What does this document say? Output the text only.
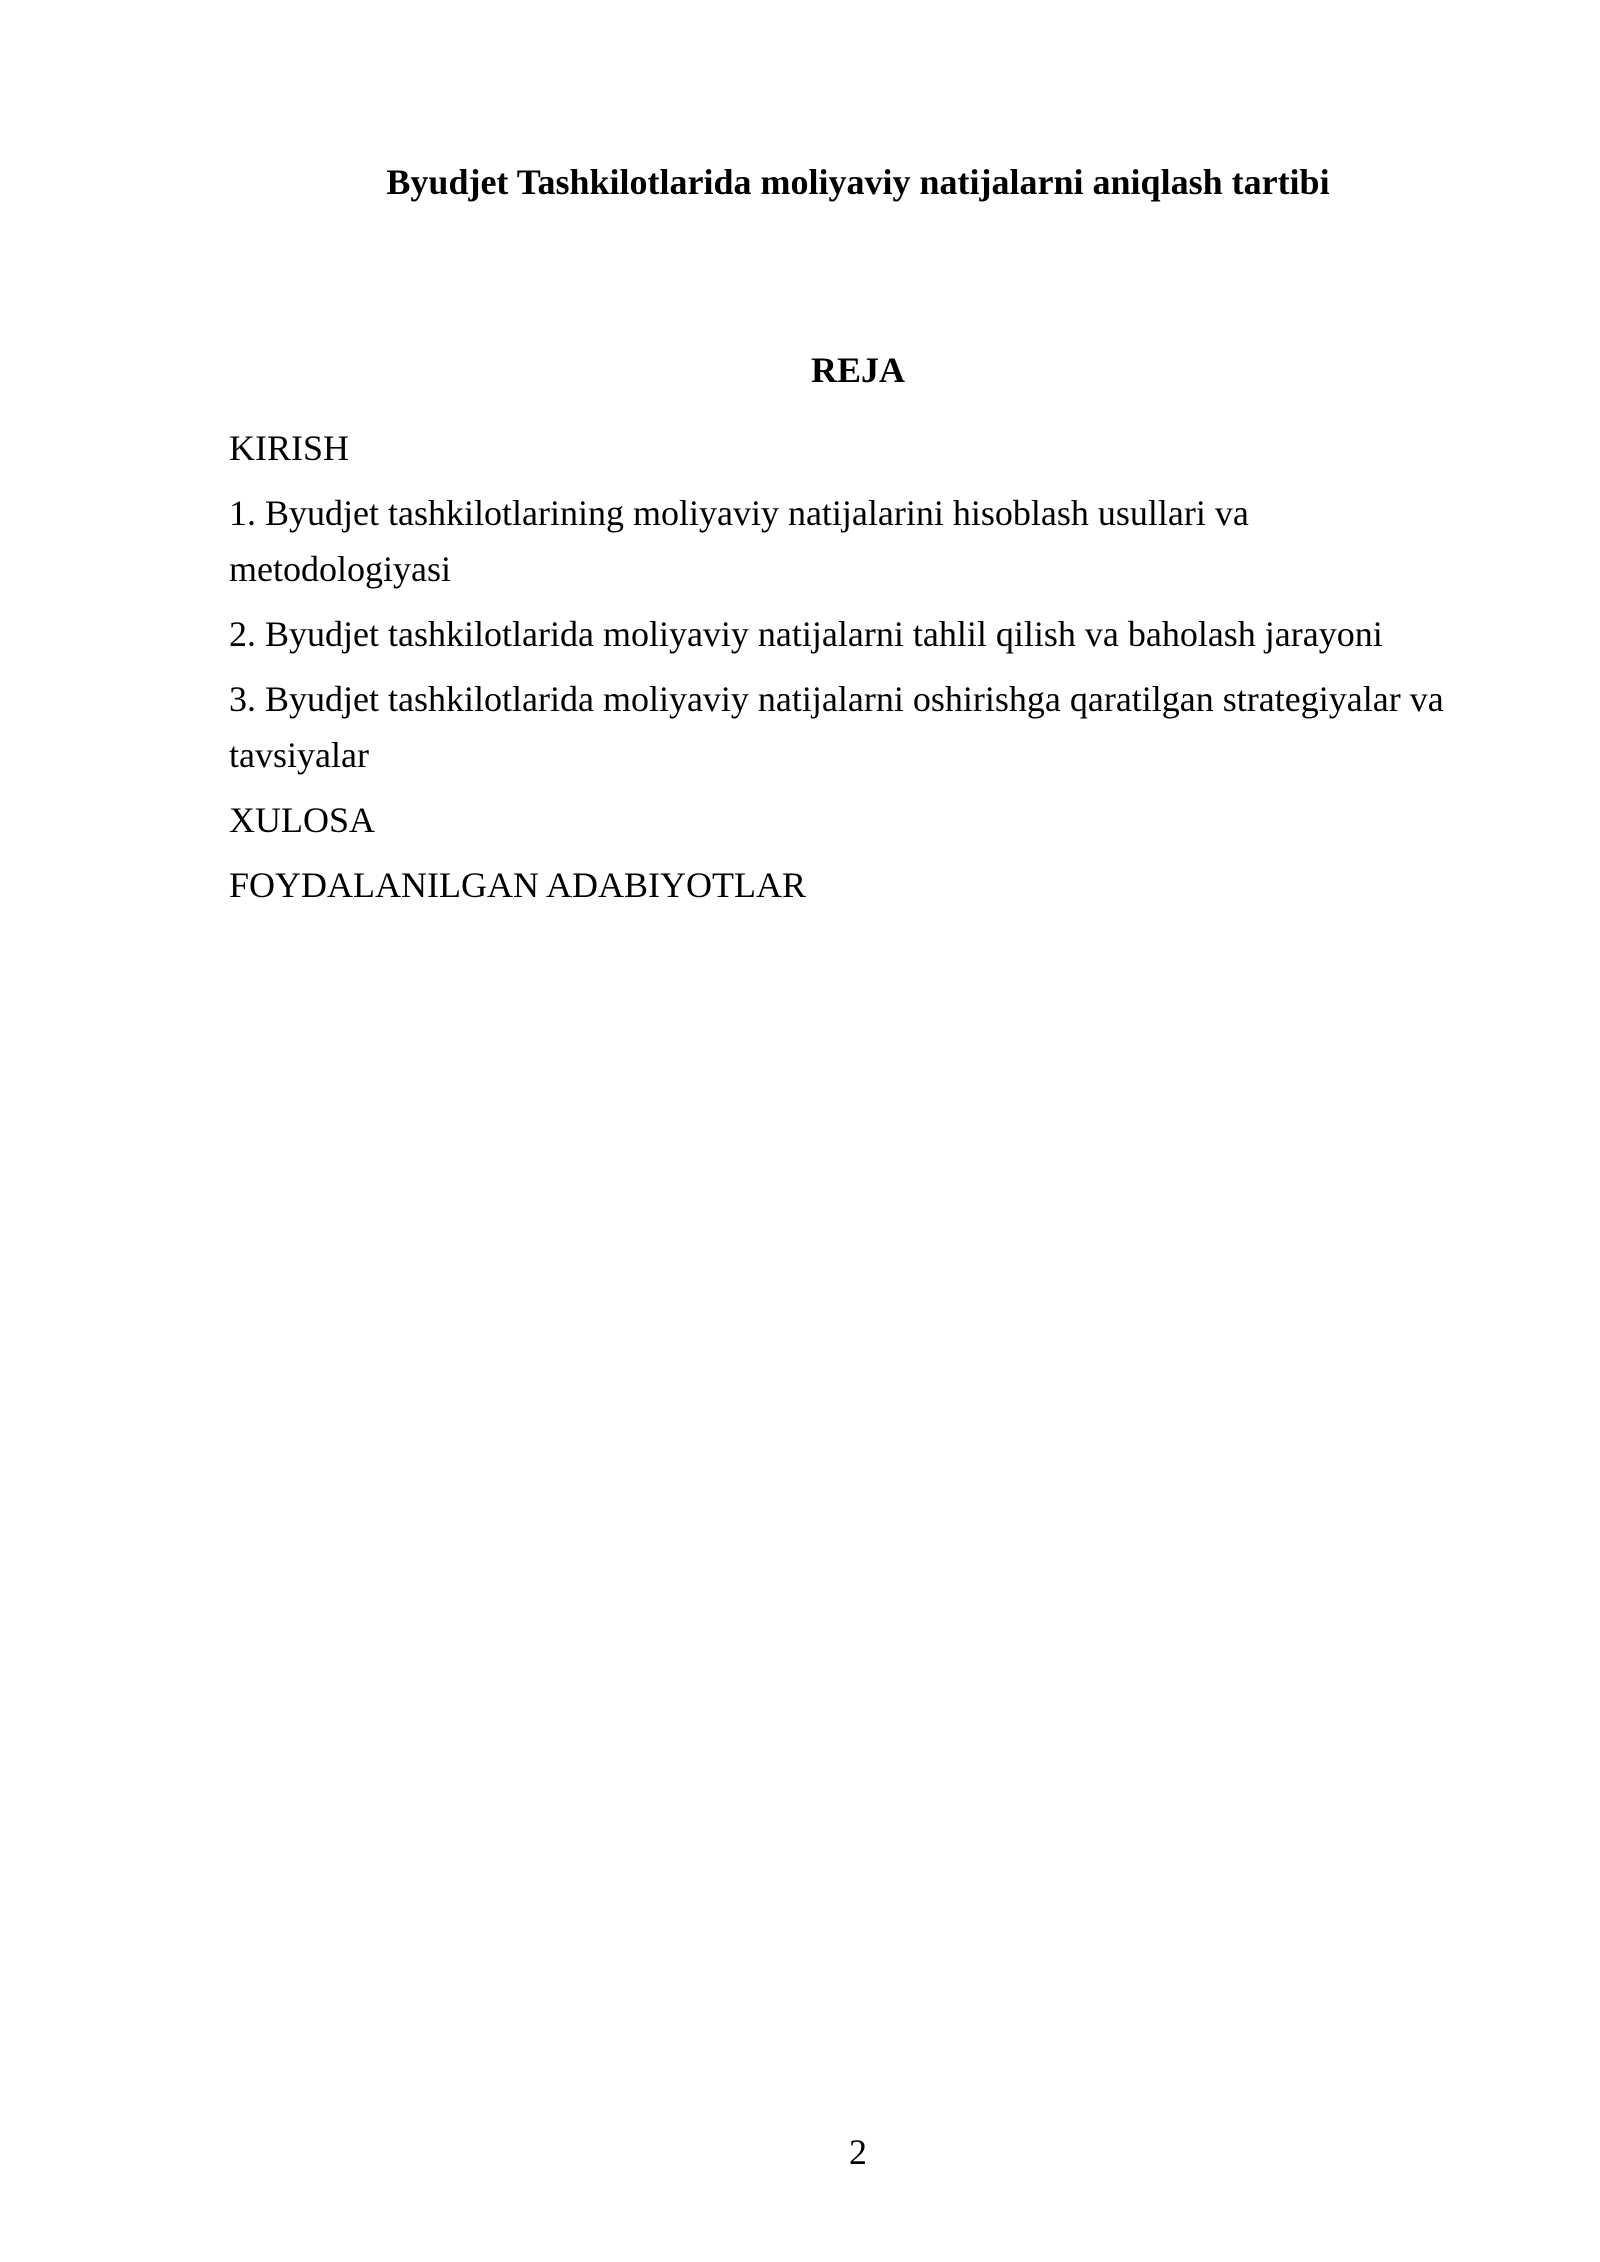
Byudjet Tashkilotlarida moliyaviy natijalarni aniqlash tartibi
REJA
KIRISH
1. Byudjet tashkilotlarining moliyaviy natijalarini hisoblash usullari va metodologiyasi
2. Byudjet tashkilotlarida moliyaviy natijalarni tahlil qilish va baholash jarayoni
3. Byudjet tashkilotlarida moliyaviy natijalarni oshirishga qaratilgan strategiyalar va tavsiyalar
XULOSA
FOYDALANILGAN ADABIYOTLAR
2
